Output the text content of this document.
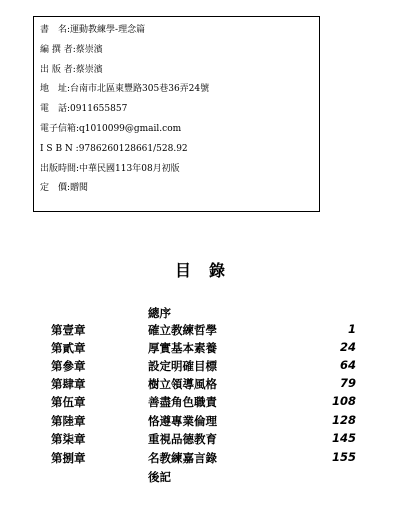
書　名:運動教練學-理念篇
編 撰 者:蔡崇濱
出 版 者:蔡崇濱
地　址:台南市北區東豐路305巷36弄24號
電　話:0911655857
電子信箱:q1010099@gmail.com
I S B N :9786260128661/528.92
出版時間:中華民國113年08月初版
定　價:贈閱
目錄
總序
第壹章	確立教練哲學	1
第貳章	厚實基本素養	24
第參章	設定明確目標	64
第肆章	樹立領導風格	79
第伍章	善盡角色職責	108
第陸章	恪遵專業倫理	128
第柒章	重視品德教育	145
第捌章	名教練嘉言錄	155
後記
